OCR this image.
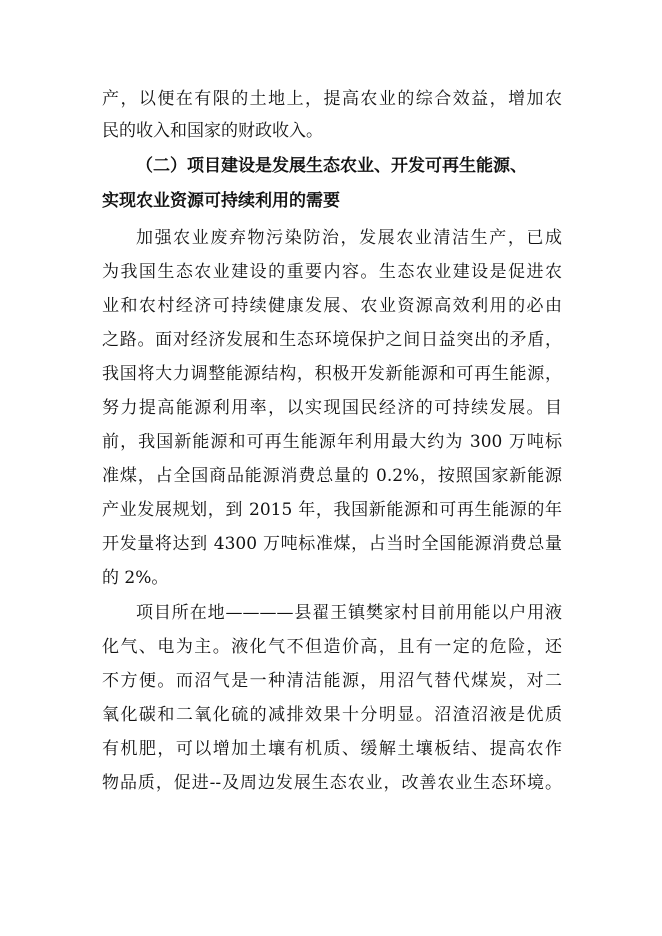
产，以便在有限的土地上，提高农业的综合效益，增加农
民的收入和国家的财政收入。
（二）项目建设是发展生态农业、开发可再生能源、
实现农业资源可持续利用的需要
加强农业废弃物污染防治，发展农业清洁生产，已成
为我国生态农业建设的重要内容。生态农业建设是促进农
业和农村经济可持续健康发展、农业资源高效利用的必由
之路。面对经济发展和生态环境保护之间日益突出的矛盾，
我国将大力调整能源结构，积极开发新能源和可再生能源，
努力提高能源利用率，以实现国民经济的可持续发展。目
前，我国新能源和可再生能源年利用最大约为 300 万吨标
准煤，占全国商品能源消费总量的 0.2%，按照国家新能源
产业发展规划，到 2015 年，我国新能源和可再生能源的年
开发量将达到 4300 万吨标准煤，占当时全国能源消费总量
的 2%。
项目所在地————县翟王镇樊家村目前用能以户用液
化气、电为主。液化气不但造价高，且有一定的危险，还
不方便。而沼气是一种清洁能源，用沼气替代煤炭，对二
氧化碳和二氧化硫的减排效果十分明显。沼渣沼液是优质
有机肥，可以增加土壤有机质、缓解土壤板结、提高农作
物品质，促进--及周边发展生态农业，改善农业生态环境。
